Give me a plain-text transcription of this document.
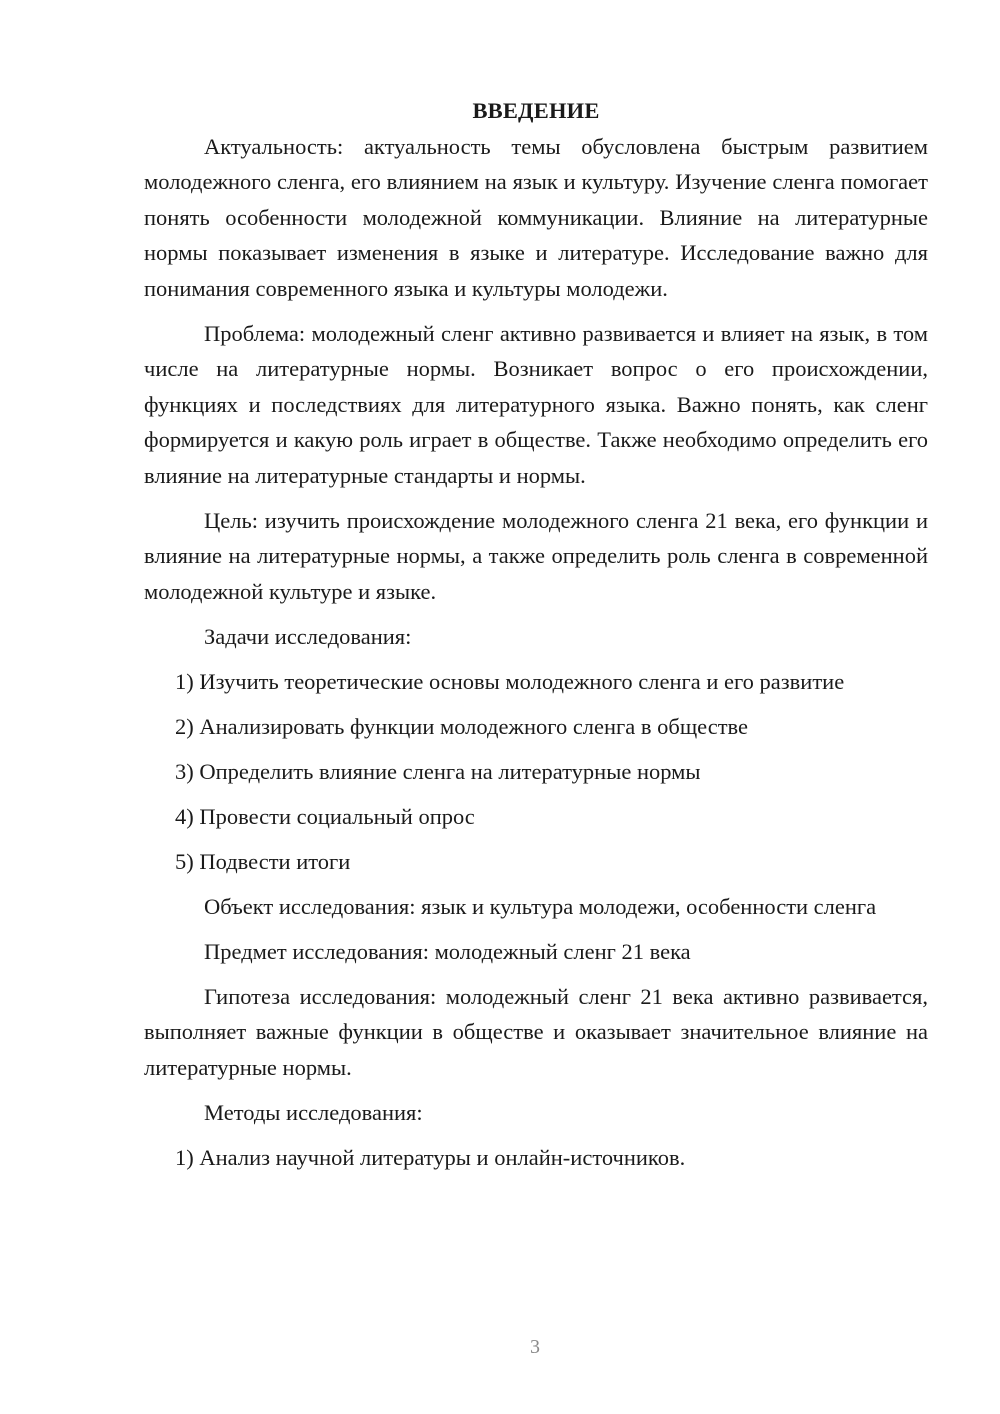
ВВЕДЕНИЕ

Актуальность: актуальность темы обусловлена быстрым развитием молодежного сленга, его влиянием на язык и культуру. Изучение сленга помогает понять особенности молодежной коммуникации. Влияние на литературные нормы показывает изменения в языке и литературе. Исследование важно для понимания современного языка и культуры молодежи.

Проблема: молодежный сленг активно развивается и влияет на язык, в том числе на литературные нормы. Возникает вопрос о его происхождении, функциях и последствиях для литературного языка. Важно понять, как сленг формируется и какую роль играет в обществе. Также необходимо определить его влияние на литературные стандарты и нормы.

Цель: изучить происхождение молодежного сленга 21 века, его функции и влияние на литературные нормы, а также определить роль сленга в современной молодежной культуре и языке.

Задачи исследования:

1) Изучить теоретические основы молодежного сленга и его развитие

2) Анализировать функции молодежного сленга в обществе

3) Определить влияние сленга на литературные нормы

4) Провести социальный опрос

5) Подвести итоги

Объект исследования: язык и культура молодежи, особенности сленга

Предмет исследования: молодежный сленг 21 века

Гипотеза исследования: молодежный сленг 21 века активно развивается, выполняет важные функции в обществе и оказывает значительное влияние на литературные нормы.

Методы исследования:

1) Анализ научной литературы и онлайн-источников.

3
